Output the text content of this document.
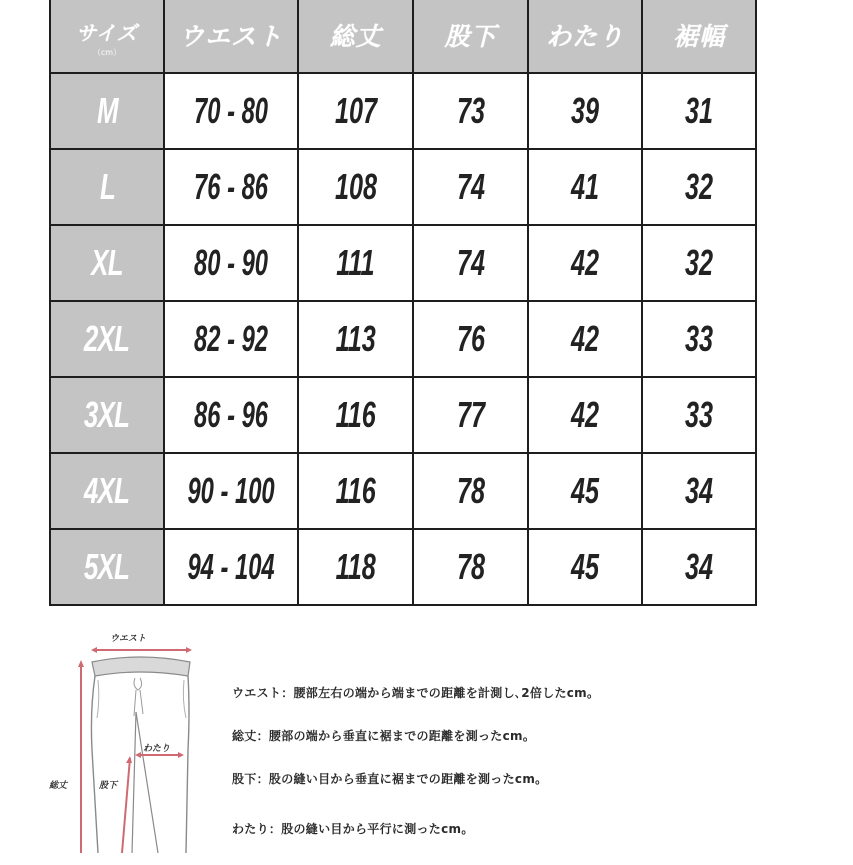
サイズ
（cm）	ウエスト	総丈	股下	わたり	裾幅
M	70 - 80	107	73	39	31
L	76 - 86	108	74	41	32
XL	80 - 90	111	74	42	32
2XL	82 - 92	113	76	42	33
3XL	86 - 96	116	77	42	33
4XL	90 - 100	116	78	45	34
5XL	94 - 104	118	78	45	34
ウエスト
わたり
総丈	股下
ウエスト：腰部左右の端から端までの距離を計測し､2倍したcm。
総丈：腰部の端から垂直に裾までの距離を測ったcm。
股下：股の縫い目から垂直に裾までの距離を測ったcm。
わたり：股の縫い目から平行に測ったcm。
